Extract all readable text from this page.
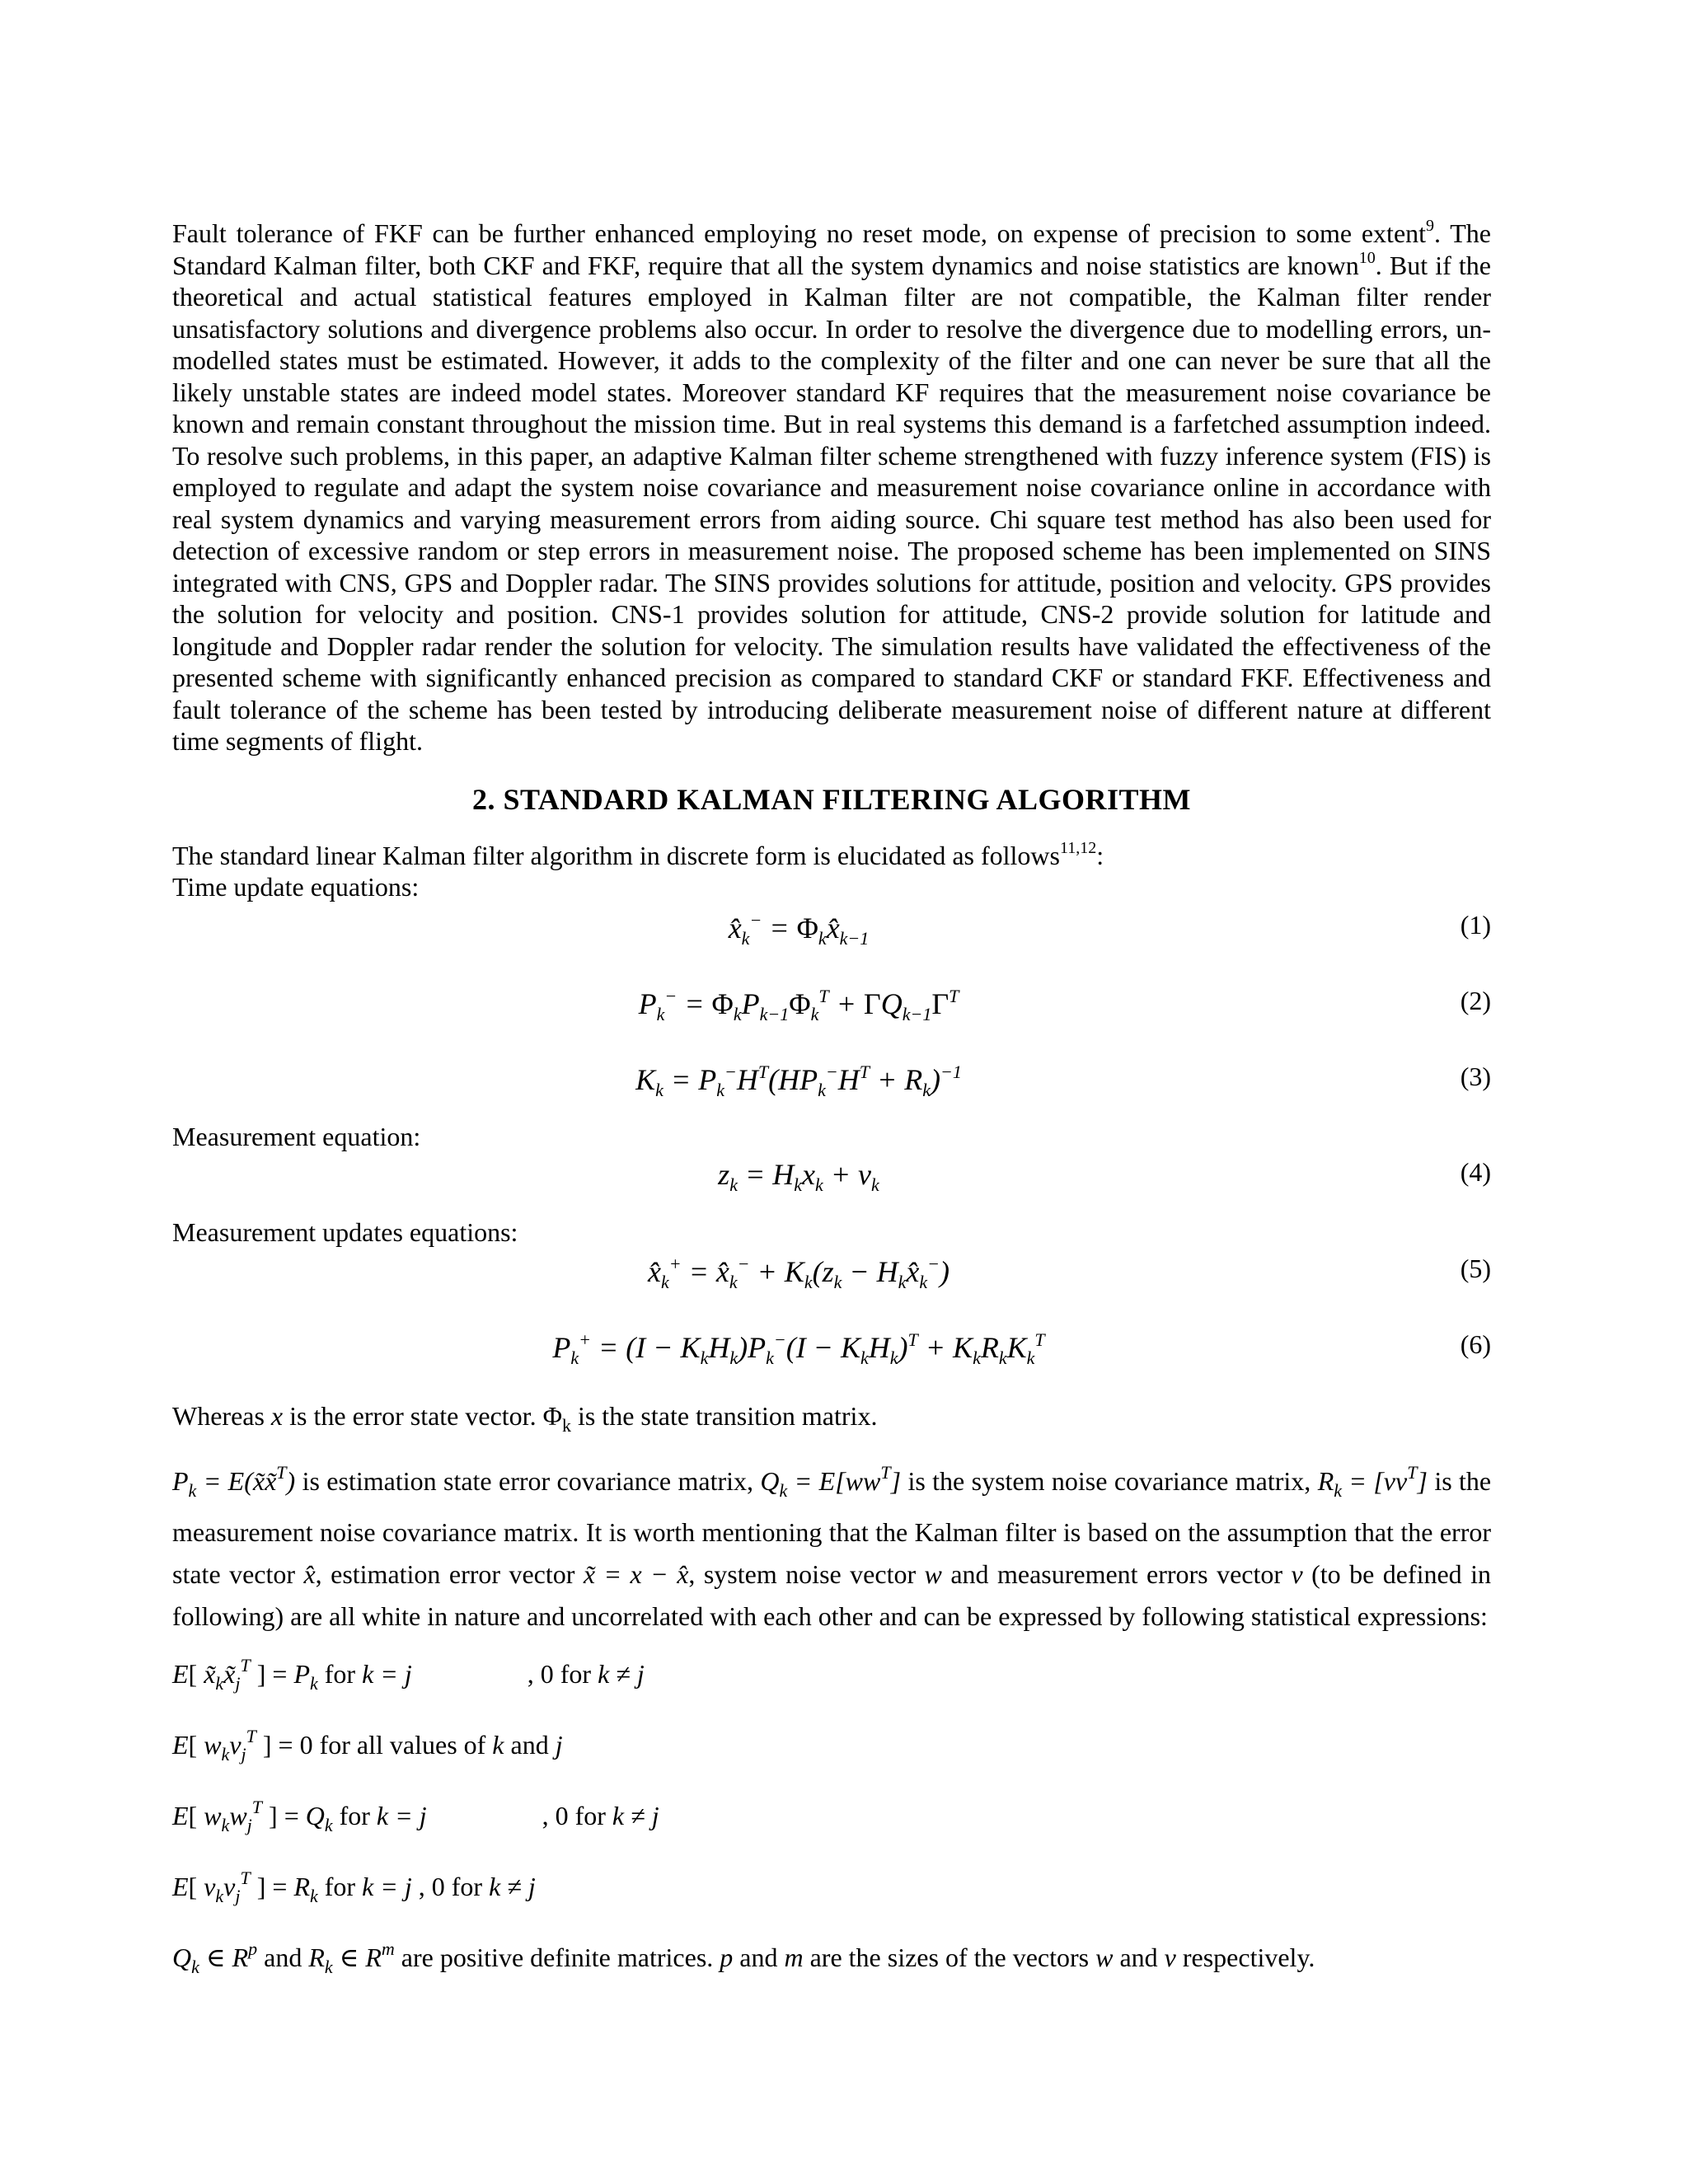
Fault tolerance of FKF can be further enhanced employing no reset mode, on expense of precision to some extent$^9$. The Standard Kalman filter, both CKF and FKF, require that all the system dynamics and noise statistics are known$^{10}$. But if the theoretical and actual statistical features employed in Kalman filter are not compatible, the Kalman filter render unsatisfactory solutions and divergence problems also occur. In order to resolve the divergence due to modelling errors, un-modelled states must be estimated. However, it adds to the complexity of the filter and one can never be sure that all the likely unstable states are indeed model states. Moreover standard KF requires that the measurement noise covariance be known and remain constant throughout the mission time. But in real systems this demand is a farfetched assumption indeed. To resolve such problems, in this paper, an adaptive Kalman filter scheme strengthened with fuzzy inference system (FIS) is employed to regulate and adapt the system noise covariance and measurement noise covariance online in accordance with real system dynamics and varying measurement errors from aiding source. Chi square test method has also been used for detection of excessive random or step errors in measurement noise. The proposed scheme has been implemented on SINS integrated with CNS, GPS and Doppler radar. The SINS provides solutions for attitude, position and velocity. GPS provides the solution for velocity and position. CNS-1 provides solution for attitude, CNS-2 provide solution for latitude and longitude and Doppler radar render the solution for velocity. The simulation results have validated the effectiveness of the presented scheme with significantly enhanced precision as compared to standard CKF or standard FKF. Effectiveness and fault tolerance of the scheme has been tested by introducing deliberate measurement noise of different nature at different time segments of flight.

2. STANDARD KALMAN FILTERING ALGORITHM
The standard linear Kalman filter algorithm in discrete form is elucidated as follows$^{11,12}$:
Time update equations:
$x̂_k^-$ = $\Phi_kx̂_{k-1}$	(1)
$P_k^- = \Phi_kP_{k-1}\Phi_k^T + \Gamma Q_{k-1}\Gamma^T$	(2)
$K_k = P_k^-H^T(HP_k^-H^T + R_k)^{-1}$	(3)
Measurement equation:
$z_k = H_kx_k + v_k$	(4)
Measurement updates equations:
$x̂_k^+$ = $x̂_k^- + K_k(z_k$ − $H_kx̂_k^-$)	(5)
$P_k^+ = (I - K_kH_k)P_k^-(I - K_kH_k)^T + K_kR_kK_k^T$	(6)
Whereas x is the error state vector. $\Phi_k$ is the state transition matrix.

$P_k$ = E(x̃x̃$^T$) is estimation state error covariance matrix, $Q_k = E[ww^T]$ is the system noise covariance matrix, $R_k = [vv^T]$ is the measurement noise covariance matrix. It is worth mentioning that the Kalman filter is based on the assumption that the error state vector x̂, estimation error vector x̃ = x − x̂, system noise vector w and measurement errors vector v (to be defined in following) are all white in nature and uncorrelated with each other and can be expressed by following statistical expressions:

E[ $x̃_kx̃_j^T$ ] = $P_k$ for k = j	, 0 for k ≠ j
E[ $w_kv_j^T$ ] = 0 for all values of k and j
E[ $w_kw_j^T$ ] = $Q_k$ for k = j	, 0 for k ≠ j
E[ $v_kv_j^T$ ] = $R_k$ for k = j , 0 for k ≠ j
$Q_k$ ∈ $R^p$ and $R_k$ ∈ $R^m$ are positive definite matrices. p and m are the sizes of the vectors w and v respectively.
